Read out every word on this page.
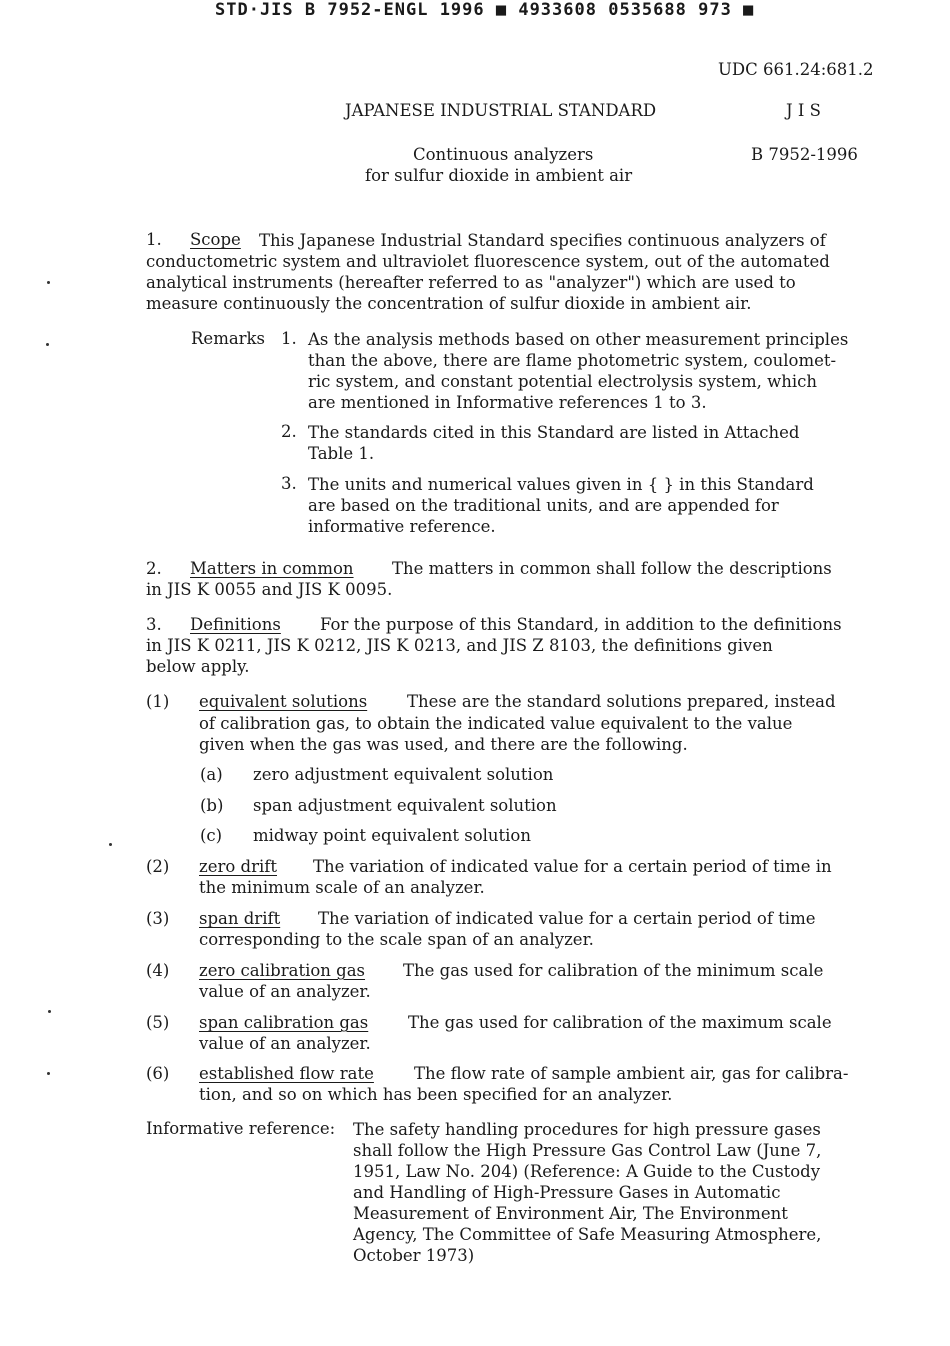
STD·JIS B 7952-ENGL 1996 ■ 4933608 0535688 973 ■
UDC 661.24:681.2
JAPANESE INDUSTRIAL STANDARD	J I S
Continuous analyzers	B 7952-1996
for sulfur dioxide in ambient air
1. Scope	This Japanese Industrial Standard specifies continuous analyzers of
conductometric system and ultraviolet fluorescence system, out of the automated
analytical instruments (hereafter referred to as "analyzer") which are used to
measure continuously the concentration of sulfur dioxide in ambient air.
Remarks 1. As the analysis methods based on other measurement principles
than the above, there are flame photometric system, coulomet-
ric system, and constant potential electrolysis system, which
are mentioned in Informative references 1 to 3.
2. The standards cited in this Standard are listed in Attached
Table 1.
3. The units and numerical values given in { } in this Standard
are based on the traditional units, and are appended for
informative reference.
2. Matters in common The matters in common shall follow the descriptions
in JIS K 0055 and JIS K 0095.
3. Definitions For the purpose of this Standard, in addition to the definitions
in JIS K 0211, JIS K 0212, JIS K 0213, and JIS Z 8103, the definitions given
below apply.
(1) equivalent solutions These are the standard solutions prepared, instead
of calibration gas, to obtain the indicated value equivalent to the value
given when the gas was used, and there are the following.
(a) zero adjustment equivalent solution
(b) span adjustment equivalent solution
(c) midway point equivalent solution
(2) zero drift The variation of indicated value for a certain period of time in
the minimum scale of an analyzer.
(3) span drift The variation of indicated value for a certain period of time
corresponding to the scale span of an analyzer.
(4) zero calibration gas The gas used for calibration of the minimum scale
value of an analyzer.
(5) span calibration gas The gas used for calibration of the maximum scale
value of an analyzer.
(6) established flow rate The flow rate of sample ambient air, gas for calibra-
tion, and so on which has been specified for an analyzer.
Informative reference: The safety handling procedures for high pressure gases
shall follow the High Pressure Gas Control Law (June 7,
1951, Law No. 204) (Reference: A Guide to the Custody
and Handling of High-Pressure Gases in Automatic
Measurement of Environment Air, The Environment
Agency, The Committee of Safe Measuring Atmosphere,
October 1973)
